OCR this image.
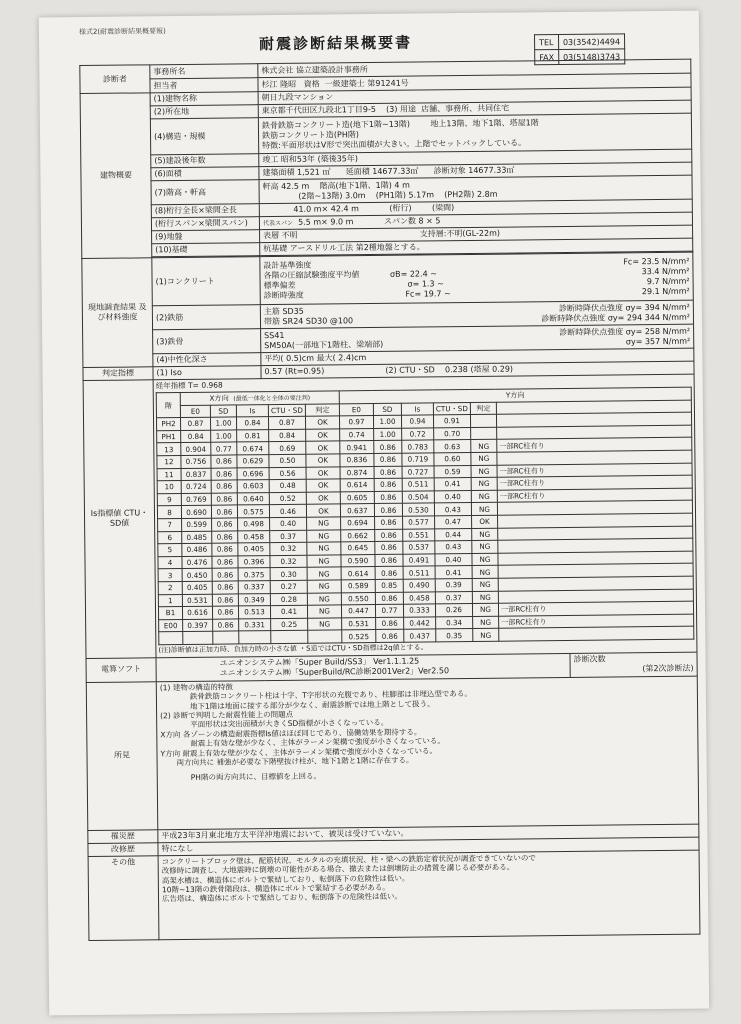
様式2(耐震診断結果概要報)
耐震診断結果概要書	TEL	03(3542)4494
FAX	03(5148)3743
診断者	事務所名	株式会社 協立建築設計事務所
担当者	杉江 隆昭 資格 一級建築士 第91241号
建物概要	(1)建物名称	朝日九段マンション
(2)所在地	東京都千代田区九段北1丁目9-5 (3) 用途 店舗、事務所、共同住宅
(4)構造・規模	
鉄骨鉄筋コンクリート造(地下1階~13階)	地上13階、地下1階、塔屋1階
鉄筋コンクリート造(PH階)
特徴:平面形状はV形で突出面積が大きい。上階でセットバックしている。

(5)建設後年数	竣工 昭和53年 (築後35年)
(6)面積	建築面積 1,521 ㎡ 延面積 14677.33㎡ 診断対象 14677.33㎡
(7)階高・軒高	
軒高 42.5 m 階高(地下1階、1階) 4 m
(2階~13階) 3.0m (PH1階) 5.17m (PH2階) 2.8m

(8)桁行全長×梁間全長	41.0 m× 42.4 m	(桁行)	(梁間)
(桁行スパン×梁間スパン)	代表スパン 5.5 m× 9.0 m	スパン数 8 × 5
(9)地盤	表層 不明	支持層:不明(GL-22m)
(10)基礎	杭基礎 アースドリル工法 第2種地盤とする。

現地調査結果 及び材料強度	(1)コンクリート	
設計基準強度	Fc= 23.5 N/mm²
各階の圧縮試験強度平均値	σB= 22.4 ~	33.4 N/mm²
標準偏差	σ= 1.3 ~	9.7 N/mm²
診断時強度	Fc= 19.7 ~	29.1 N/mm²

(2)鉄筋	
主筋 SD35	診断時降伏点強度 σy= 394 N/mm²
帯筋 SR24 SD30 @100	診断時降伏点強度 σy= 294 344 N/mm²

(3)鉄骨	
SS41	診断時降伏点強度 σy= 258 N/mm²
SM50A(一部地下1階柱、梁端部)	σy= 357 N/mm²

(4)中性化深さ	平均( 0.5)cm 最大( 2.4)cm
判定指標	(1) Iso	0.57 (Rt=0.95)	(2) CTU・SD 0.238 (塔屋 0.29)
Is指標値 CTU・SD値	
経年指標 T= 0.968
階	X方向 (最低一体化と全体の要注判)	Y方向
E0	SD	Is	CTU・SD	判定	E0	SD	Is	CTU・SD	判定	
PH2	0.87	1.00	0.84	0.87	OK	0.97	1.00	0.94	0.91		
PH1	0.84	1.00	0.81	0.84	OK	0.74	1.00	0.72	0.70		
13	0.904	0.77	0.674	0.69	OK	0.941	0.86	0.783	0.63	NG	一部RC柱有り
12	0.756	0.86	0.629	0.50	OK	0.836	0.86	0.719	0.60	NG	
11	0.837	0.86	0.696	0.56	OK	0.874	0.86	0.727	0.59	NG	一部RC柱有り
10	0.724	0.86	0.603	0.48	OK	0.614	0.86	0.511	0.41	NG	一部RC柱有り
9	0.769	0.86	0.640	0.52	OK	0.605	0.86	0.504	0.40	NG	一部RC柱有り
8	0.690	0.86	0.575	0.46	OK	0.637	0.86	0.530	0.43	NG	
7	0.599	0.86	0.498	0.40	NG	0.694	0.86	0.577	0.47	OK	
6	0.485	0.86	0.458	0.37	NG	0.662	0.86	0.551	0.44	NG	
5	0.486	0.86	0.405	0.32	NG	0.645	0.86	0.537	0.43	NG	
4	0.476	0.86	0.396	0.32	NG	0.590	0.86	0.491	0.40	NG	
3	0.450	0.86	0.375	0.30	NG	0.614	0.86	0.511	0.41	NG	
2	0.405	0.86	0.337	0.27	NG	0.589	0.85	0.490	0.39	NG	
1	0.531	0.86	0.349	0.28	NG	0.550	0.86	0.458	0.37	NG	
B1	0.616	0.86	0.513	0.41	NG	0.447	0.77	0.333	0.26	NG	一部RC柱有り
E00	0.397	0.86	0.331	0.25	NG	0.531	0.86	0.442	0.34	NG	一部RC柱有り
						0.525	0.86	0.437	0.35	NG	
(注)診断値は正加力時、負加力時の小さな値 ・S造ではCTU・SD指標は2q値とする。

電算ソフト	
ユニオンシステム㈱「Super Build/SS3」 Ver1.1.1.25
ユニオンシステム㈱「SuperBuild/RC診断2001Ver2」Ver2.50
診断次数
(第2次診断法)

所見	
(1) 建物の構造的特徴
鉄骨鉄筋コンクリート柱は十字、T字形状の充腹であり、柱脚部は非埋込型である。
地下1階は地面に接する部分が少なく、耐震診断では地上階として扱う。
(2) 診断で判明した耐震性能上の問題点
平面形状は突出面積が大きくSD指標が小さくなっている。
X方向 各ゾーンの構造耐震指標Is値はほぼ同じであり、協働効果を期待する。
耐震上有効な壁が少なく、主体がラーメン架構で強度が小さくなっている。
Y方向 耐震上有効な壁が少なく、主体がラーメン架構で強度が小さくなっている。
両方向共に 補強が必要な下階壁抜け柱が、地下1階と1階に存在する。
PH階の両方向共に、目標値を上回る。

罹災歴	平成23年3月東北地方太平洋沖地震において、被災は受けていない。
改修歴	特になし
その他	コンクリートブロック壁は、配筋状況、モルタルの充填状況、柱・梁への鉄筋定着状況が調査できていないので
改修時に調査し、大地震時に倒壊の可能性がある場合、撤去または倒壊防止の措置を講じる必要がある。
高架水槽は、構造体にボルトで緊結しており、転倒落下の危険性は低い。
10階~13階の鉄骨階段は、構造体にボルトで緊結する必要がある。
広告塔は、構造体にボルトで緊結しており、転倒落下の危険性は低い。
